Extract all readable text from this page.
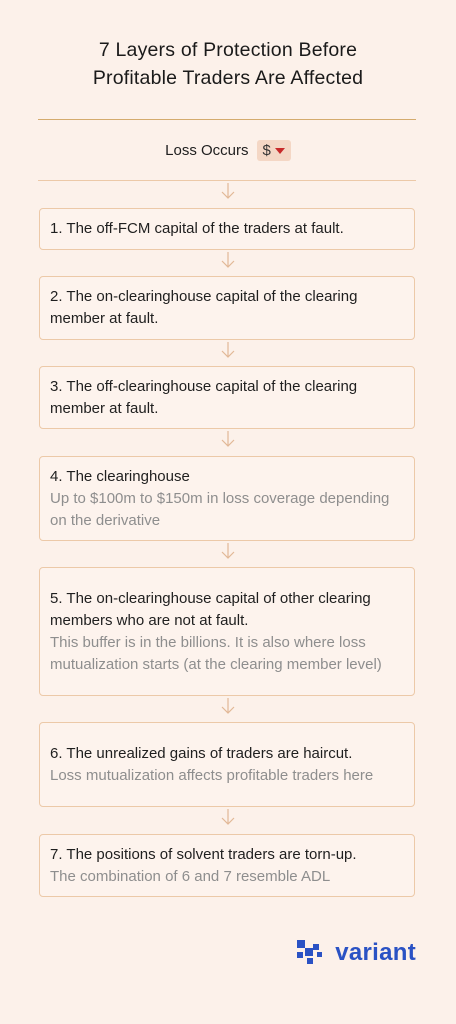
7 Layers of Protection Before
Profitable Traders Are Affected
Loss Occurs $
1. The off-FCM capital of the traders at fault.
2. The on-clearinghouse capital of the clearing member at fault.
3. The off-clearinghouse capital of the clearing member at fault.
4. The clearinghouse
Up to $100m to $150m in loss coverage depending on the derivative
5. The on-clearinghouse capital of other clearing members who are not at fault.
This buffer is in the billions. It is also where loss mutualization starts (at the clearing member level)
6. The unrealized gains of traders are haircut.
Loss mutualization affects profitable traders here
7. The positions of solvent traders are torn-up.
The combination of 6 and 7 resemble ADL
variant
